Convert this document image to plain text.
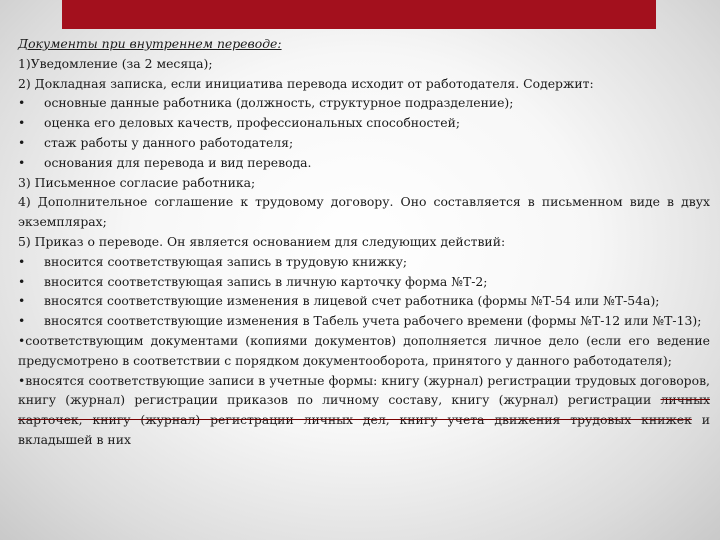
Документы при внутреннем переводе:
1)Уведомление (за 2 месяца);
2) Докладная записка, если инициатива перевода исходит от работодателя. Содержит:
•	основные данные работника (должность, структурное подразделение);
•	оценка его деловых качеств, профессиональных способностей;
•	стаж работы у данного работодателя;
•	основания для перевода и вид перевода.
3) Письменное согласие работника;
4) Дополнительное соглашение к трудовому договору. Оно составляется в письменном виде в двух экземплярах;
5) Приказ о переводе. Он является основанием для следующих действий:
•	вносится соответствующая запись в трудовую книжку;
•	вносится соответствующая запись в личную карточку форма №Т-2;
•	вносятся соответствующие изменения в лицевой счет работника (формы №Т-54 или №Т-54а);
•	вносятся соответствующие изменения в Табель учета рабочего времени (формы №Т-12 или №Т-13);
•соответствующим документами (копиями документов) дополняется личное дело (если его ведение предусмотрено в соответствии с порядком документооборота, принятого у данного работодателя);
•вносятся соответствующие записи в учетные формы: книгу (журнал) регистрации трудовых договоров, книгу (журнал) регистрации приказов по личному составу, книгу (журнал) регистрации личных карточек, книгу (журнал) регистрации личных дел, книгу учета движения трудовых книжек и вкладышей в них
